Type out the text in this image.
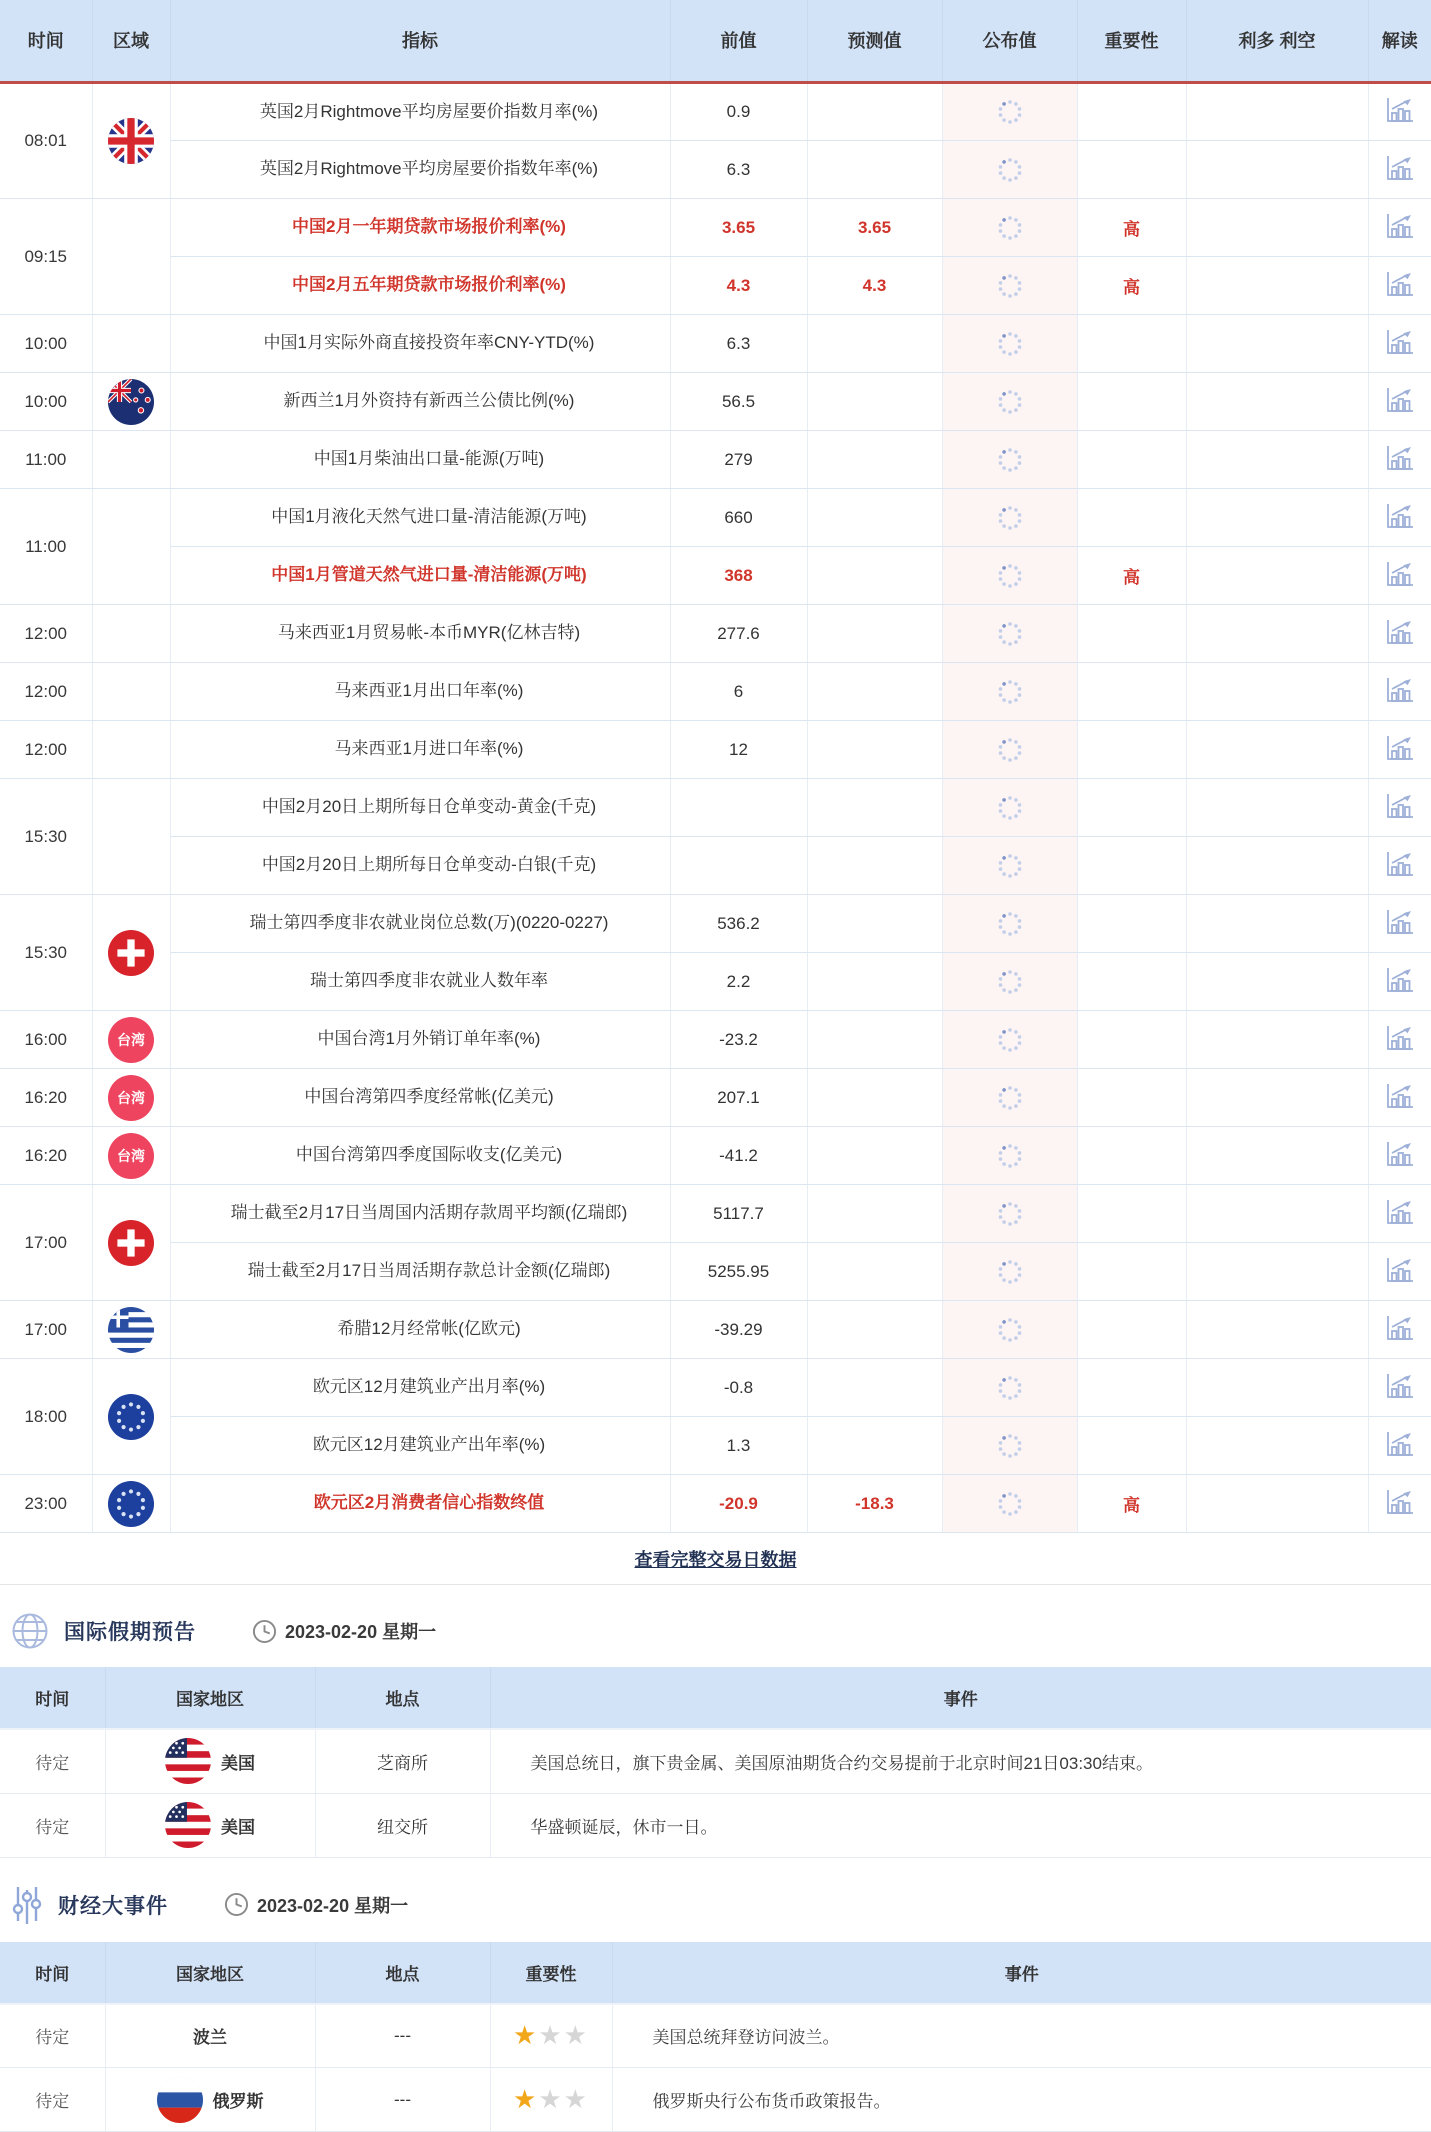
时间	区域	指标	前值	预测值	公布值	重要性	利多 利空	解读
08:01		英国2月Rightmove平均房屋要价指数月率(%)	0.9					
		英国2月Rightmove平均房屋要价指数年率(%)	6.3					
09:15		中国2月一年期贷款市场报价利率(%)	3.65	3.65		高		
		中国2月五年期贷款市场报价利率(%)	4.3	4.3		高		
10:00		中国1月实际外商直接投资年率CNY-YTD(%)	6.3					
10:00		新西兰1月外资持有新西兰公债比例(%)	56.5					
11:00		中国1月柴油出口量-能源(万吨)	279					
11:00		中国1月液化天然气进口量-清洁能源(万吨)	660					
		中国1月管道天然气进口量-清洁能源(万吨)	368			高		
12:00		马来西亚1月贸易帐-本币MYR(亿林吉特)	277.6					
12:00		马来西亚1月出口年率(%)	6					
12:00		马来西亚1月进口年率(%)	12					
15:30		中国2月20日上期所每日仓单变动-黄金(千克)						
		中国2月20日上期所每日仓单变动-白银(千克)						
15:30		瑞士第四季度非农就业岗位总数(万)(0220-0227)	536.2					
		瑞士第四季度非农就业人数年率	2.2					
16:00	台湾	中国台湾1月外销订单年率(%)	-23.2					
16:20	台湾	中国台湾第四季度经常帐(亿美元)	207.1					
16:20	台湾	中国台湾第四季度国际收支(亿美元)	-41.2					
17:00		瑞士截至2月17日当周国内活期存款周平均额(亿瑞郎)	5117.7					
		瑞士截至2月17日当周活期存款总计金额(亿瑞郎)	5255.95					
17:00		希腊12月经常帐(亿欧元)	-39.29					
18:00		欧元区12月建筑业产出月率(%)	-0.8					
		欧元区12月建筑业产出年率(%)	1.3					
23:00		欧元区2月消费者信心指数终值	-20.9	-18.3		高		
查看完整交易日数据
国际假期预告	2023-02-20 星期一
时间	国家地区	地点	事件
待定	美国	芝商所	美国总统日，旗下贵金属、美国原油期货合约交易提前于北京时间21日03:30结束。
待定	美国	纽交所	华盛顿诞辰，休市一日。
财经大事件	2023-02-20 星期一
时间	国家地区	地点	重要性	事件
待定	波兰	---	★★★	美国总统拜登访问波兰。
待定	俄罗斯	---	★★★	俄罗斯央行公布货币政策报告。
